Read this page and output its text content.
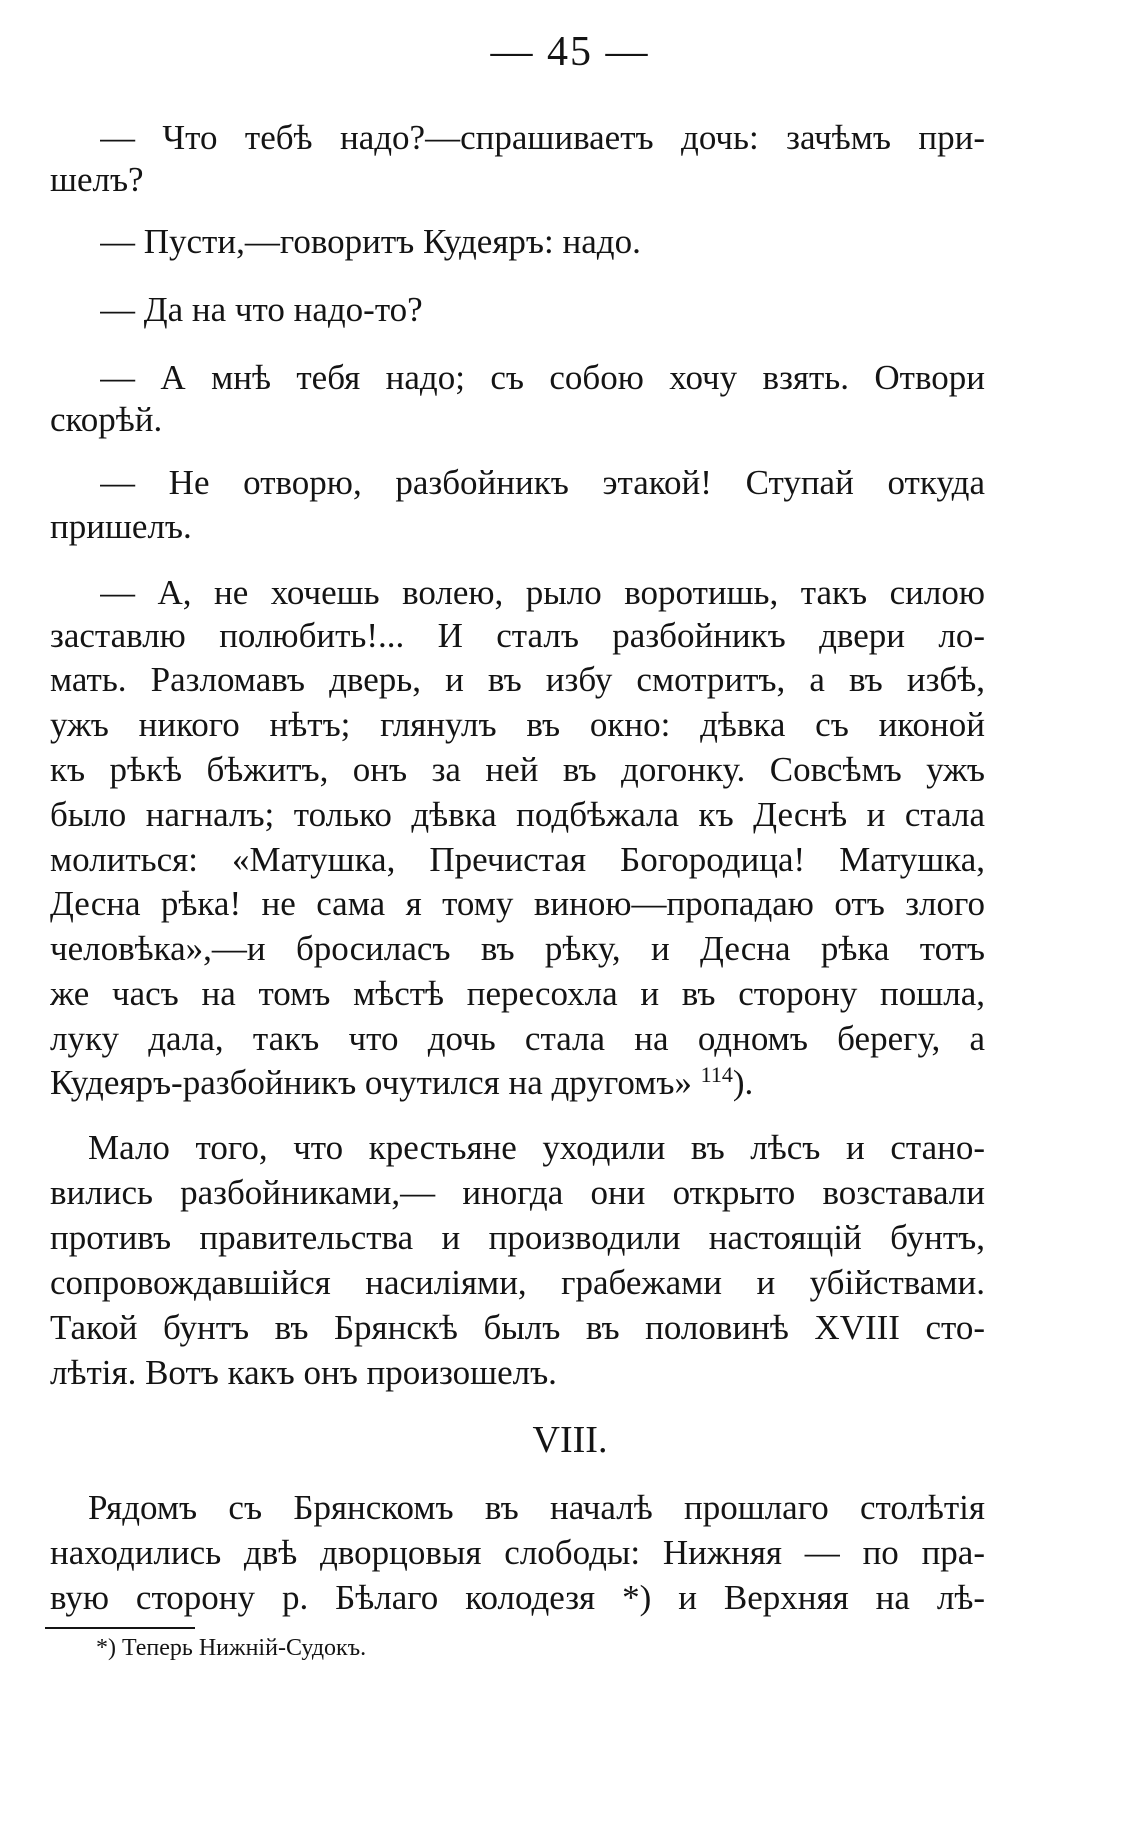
— 45 —
— Что тебѣ надо?—спрашиваетъ дочь: зачѣмъ при-
шелъ?
— Пусти,—говоритъ Кудеяръ: надо.
— Да на что надо-то?
— А мнѣ тебя надо; съ собою хочу взять. Отвори
скорѣй.
— Не отворю, разбойникъ этакой! Ступай откуда
пришелъ.
— А, не хочешь волею, рыло воротишь, такъ силою
заставлю полюбить!... И сталъ разбойникъ двери ло-
мать. Разломавъ дверь, и въ избу смотритъ, а въ избѣ,
ужъ никого нѣтъ; глянулъ въ окно: дѣвка съ иконой
къ рѣкѣ бѣжитъ, онъ за ней въ догонку. Совсѣмъ ужъ
было нагналъ; только дѣвка подбѣжала къ Деснѣ и стала
молиться: «Матушка, Пречистая Богородица! Матушка,
Десна рѣка! не сама я тому виною—пропадаю отъ злого
человѣка»,—и бросиласъ въ рѣку, и Десна рѣка тотъ
же часъ на томъ мѣстѣ пересохла и въ сторону пошла,
луку дала, такъ что дочь стала на одномъ берегу, а
Кудеяръ-разбойникъ очутился на другомъ» $^{114}$).
Мало того, что крестьяне уходили въ лѣсъ и стано-
вились разбойниками,— иногда они открыто возставали
противъ правительства и производили настоящій бунтъ,
сопровождавшійся насиліями, грабежами и убійствами.
Такой бунтъ въ Брянскѣ былъ въ половинѣ XVIII сто-
лѣтія. Вотъ какъ онъ произошелъ.
VIII.
Рядомъ съ Брянскомъ въ началѣ прошлаго столѣтія
находились двѣ дворцовыя слободы: Нижняя — по пра-
вую сторону р. Бѣлаго колодезя *) и Верхняя на лѣ-
*) Теперь Нижній-Судокъ.
